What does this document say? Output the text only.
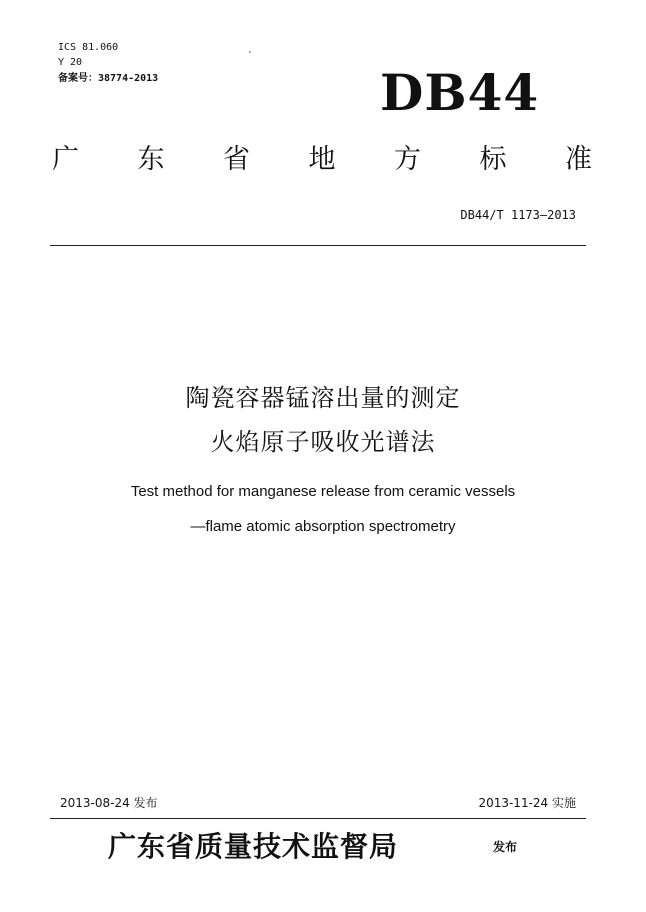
ICS 81.060
Y 20
备案号：38774-2013	DB44
广 东 省 地 方 标 准
DB44/T 1173—2013
陶瓷容器锰溶出量的测定
火焰原子吸收光谱法
Test method for manganese release from ceramic vessels
—flame atomic absorption spectrometry
2013-08-24 发布	2013-11-24 实施
广东省质量技术监督局	发布
